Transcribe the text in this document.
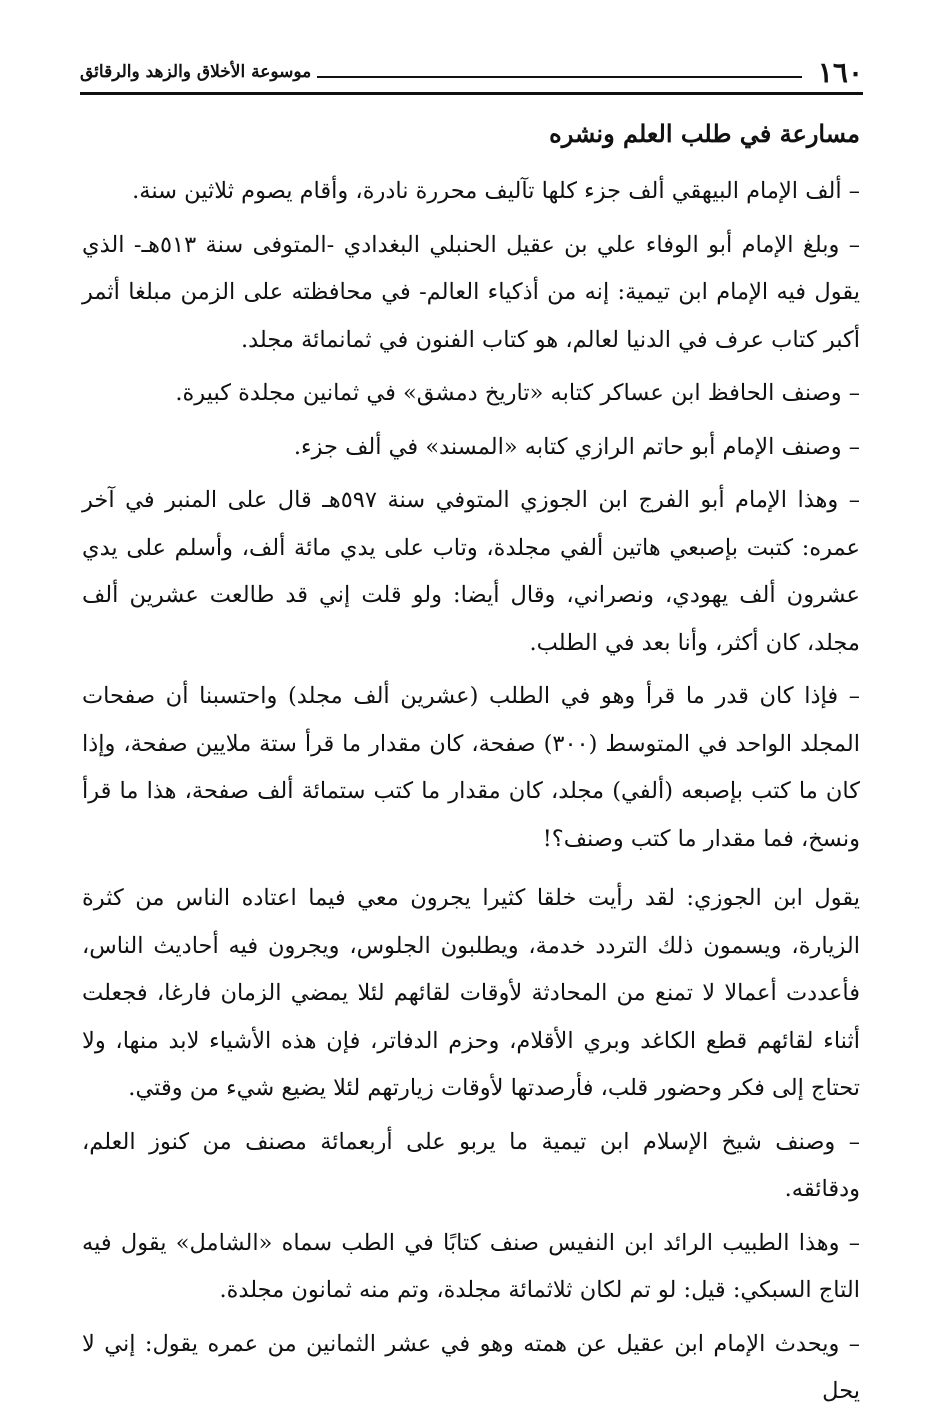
١٦٠
موسوعة الأخلاق والزهد والرقائق
مسارعة في طلب العلم ونشره

– ألف الإمام البيهقي ألف جزء كلها تآليف محررة نادرة، وأقام يصوم ثلاثين سنة.

– وبلغ الإمام أبو الوفاء علي بن عقيل الحنبلي البغدادي -المتوفى سنة ٥١٣هـ- الذي يقول فيه الإمام ابن تيمية: إنه من أذكياء العالم- في محافظته على الزمن مبلغا أثمر أكبر كتاب عرف في الدنيا لعالم، هو كتاب الفنون في ثمانمائة مجلد.

– وصنف الحافظ ابن عساكر كتابه «تاريخ دمشق» في ثمانين مجلدة كبيرة.

– وصنف الإمام أبو حاتم الرازي كتابه «المسند» في ألف جزء.

– وهذا الإمام أبو الفرج ابن الجوزي المتوفي سنة ٥٩٧هـ قال على المنبر في آخر عمره: كتبت بإصبعي هاتين ألفي مجلدة، وتاب على يدي مائة ألف، وأسلم على يدي عشرون ألف يهودي، ونصراني، وقال أيضا: ولو قلت إني قد طالعت عشرين ألف مجلد، كان أكثر، وأنا بعد في الطلب.

– فإذا كان قدر ما قرأ وهو في الطلب (عشرين ألف مجلد) واحتسبنا أن صفحات المجلد الواحد في المتوسط (٣٠٠) صفحة، كان مقدار ما قرأ ستة ملايين صفحة، وإذا كان ما كتب بإصبعه (ألفي) مجلد، كان مقدار ما كتب ستمائة ألف صفحة، هذا ما قرأ ونسخ، فما مقدار ما كتب وصنف؟!

يقول ابن الجوزي: لقد رأيت خلقا كثيرا يجرون معي فيما اعتاده الناس من كثرة الزيارة، ويسمون ذلك التردد خدمة، ويطلبون الجلوس، ويجرون فيه أحاديث الناس، فأعددت أعمالا لا تمنع من المحادثة لأوقات لقائهم لئلا يمضي الزمان فارغا، فجعلت أثناء لقائهم قطع الكاغد وبري الأقلام، وحزم الدفاتر، فإن هذه الأشياء لابد منها، ولا تحتاج إلى فكر وحضور قلب، فأرصدتها لأوقات زيارتهم لئلا يضيع شيء من وقتي.

– وصنف شيخ الإسلام ابن تيمية ما يربو على أربعمائة مصنف من كنوز العلم، ودقائقه.

– وهذا الطبيب الرائد ابن النفيس صنف كتابًا في الطب سماه «الشامل» يقول فيه التاج السبكي: قيل: لو تم لكان ثلاثمائة مجلدة، وتم منه ثمانون مجلدة.

– ويحدث الإمام ابن عقيل عن همته وهو في عشر الثمانين من عمره يقول: إني لا يحل
